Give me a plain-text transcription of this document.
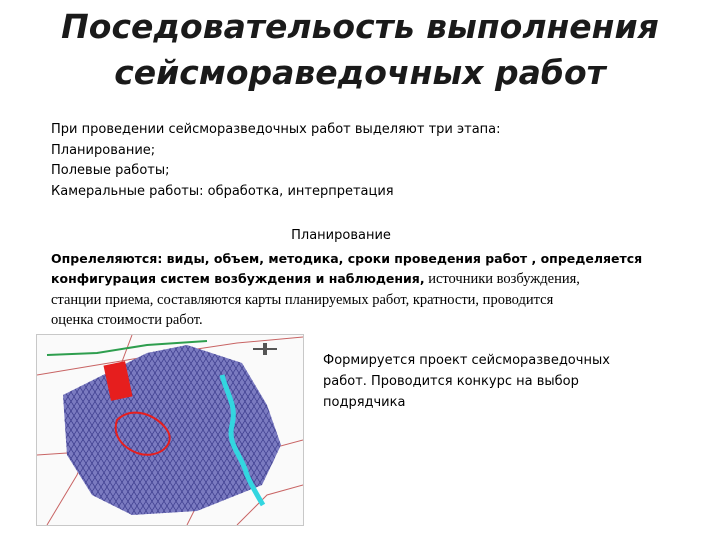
Поседовательость выполнения
сейсмораведочных работ
При проведении сейсморазведочных работ выделяют три этапа:
Планирование;
Полевые работы;
Камеральные работы: обработка, интерпретация
Планирование
Опрелеляются: виды, объем, методика, сроки проведения работ , определяется
конфигурация систем возбуждения и наблюдения, источники возбуждения,
станции приема, составляются карты планируемых работ, кратности, проводится
оценка стоимости работ.
Формируется проект сейсморазведочных
работ. Проводится конкурс на выбор
подрядчика
